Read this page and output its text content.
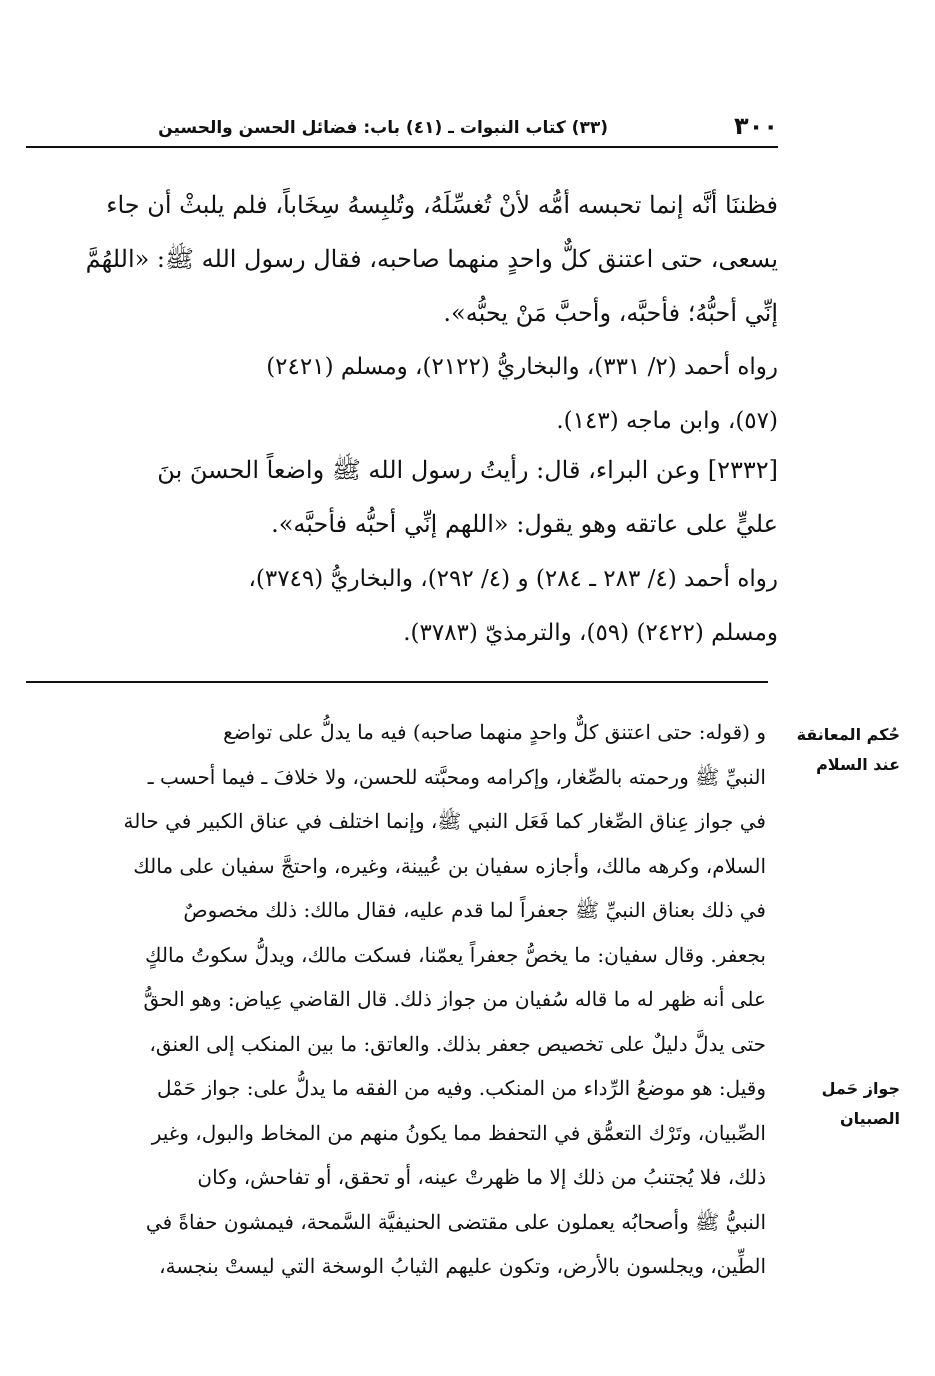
٣٠٠
(٣٣) كتاب النبوات ـ (٤١) باب: فضائل الحسن والحسين

فظننَا أنَّه إنما تحبسه أمُّه لأنْ تُغسِّلَهُ، وتُلبِسهُ سِخَاباً، فلم يلبثْ أن جاء

يسعى، حتى اعتنق كلٌّ واحدٍ منهما صاحبه، فقال رسول الله ﷺ: «اللهُمَّ

إنِّي أحبُّهُ؛ فأحبَّه، وأحبَّ مَنْ يحبُّه».

رواه أحمد (٢/ ٣٣١)، والبخاريُّ (٢١٢٢)، ومسلم (٢٤٢١)

(٥٧)، وابن ماجه (١٤٣).

[٢٣٣٢] وعن البراء، قال: رأيتُ رسول الله ﷺ واضعاً الحسنَ بنَ

عليٍّ على عاتقه وهو يقول: «اللهم إنِّي أحبُّه فأحبَّه».

رواه أحمد (٤/ ٢٨٣ ـ ٢٨٤) و (٤/ ٢٩٢)، والبخاريُّ (٣٧٤٩)،

ومسلم (٢٤٢٢) (٥٩)، والترمذيّ (٣٧٨٣).

حُكم المعانقة
عند السلام
جواز حَمل
الصبيان

و (قوله: حتى اعتنق كلٌّ واحدٍ منهما صاحبه) فيه ما يدلُّ على تواضع

النبيِّ ﷺ ورحمته بالصِّغار، وإكرامه ومحبَّته للحسن، ولا خلافَ ـ فيما أحسب ـ

في جواز عِناق الصِّغار كما فَعَل النبي ﷺ، وإنما اختلف في عناق الكبير في حالة

السلام، وكرهه مالك، وأجازه سفيان بن عُيينة، وغيره، واحتجَّ سفيان على مالك

في ذلك بعناق النبيِّ ﷺ جعفراً لما قدم عليه، فقال مالك: ذلك مخصوصٌ

بجعفر. وقال سفيان: ما يخصُّ جعفراً يعمّنا، فسكت مالك، ويدلُّ سكوتُ مالكٍ

على أنه ظهر له ما قاله سُفيان من جواز ذلك. قال القاضي عِياض: وهو الحقُّ

حتى يدلَّ دليلٌ على تخصيص جعفر بذلك. والعاتق: ما بين المنكب إلى العنق،

وقيل: هو موضعُ الرِّداء من المنكب. وفيه من الفقه ما يدلُّ على: جواز حَمْل

الصِّبيان، وتَرْك التعمُّق في التحفظ مما يكونُ منهم من المخاط والبول، وغير

ذلك، فلا يُجتنبُ من ذلك إلا ما ظهرتْ عينه، أو تحقق، أو تفاحش، وكان

النبيُّ ﷺ وأصحابُه يعملون على مقتضى الحنيفيَّة السَّمحة، فيمشون حفاةً في

الطِّين، ويجلسون بالأرض، وتكون عليهم الثيابُ الوسخة التي ليستْ بنجسة،
